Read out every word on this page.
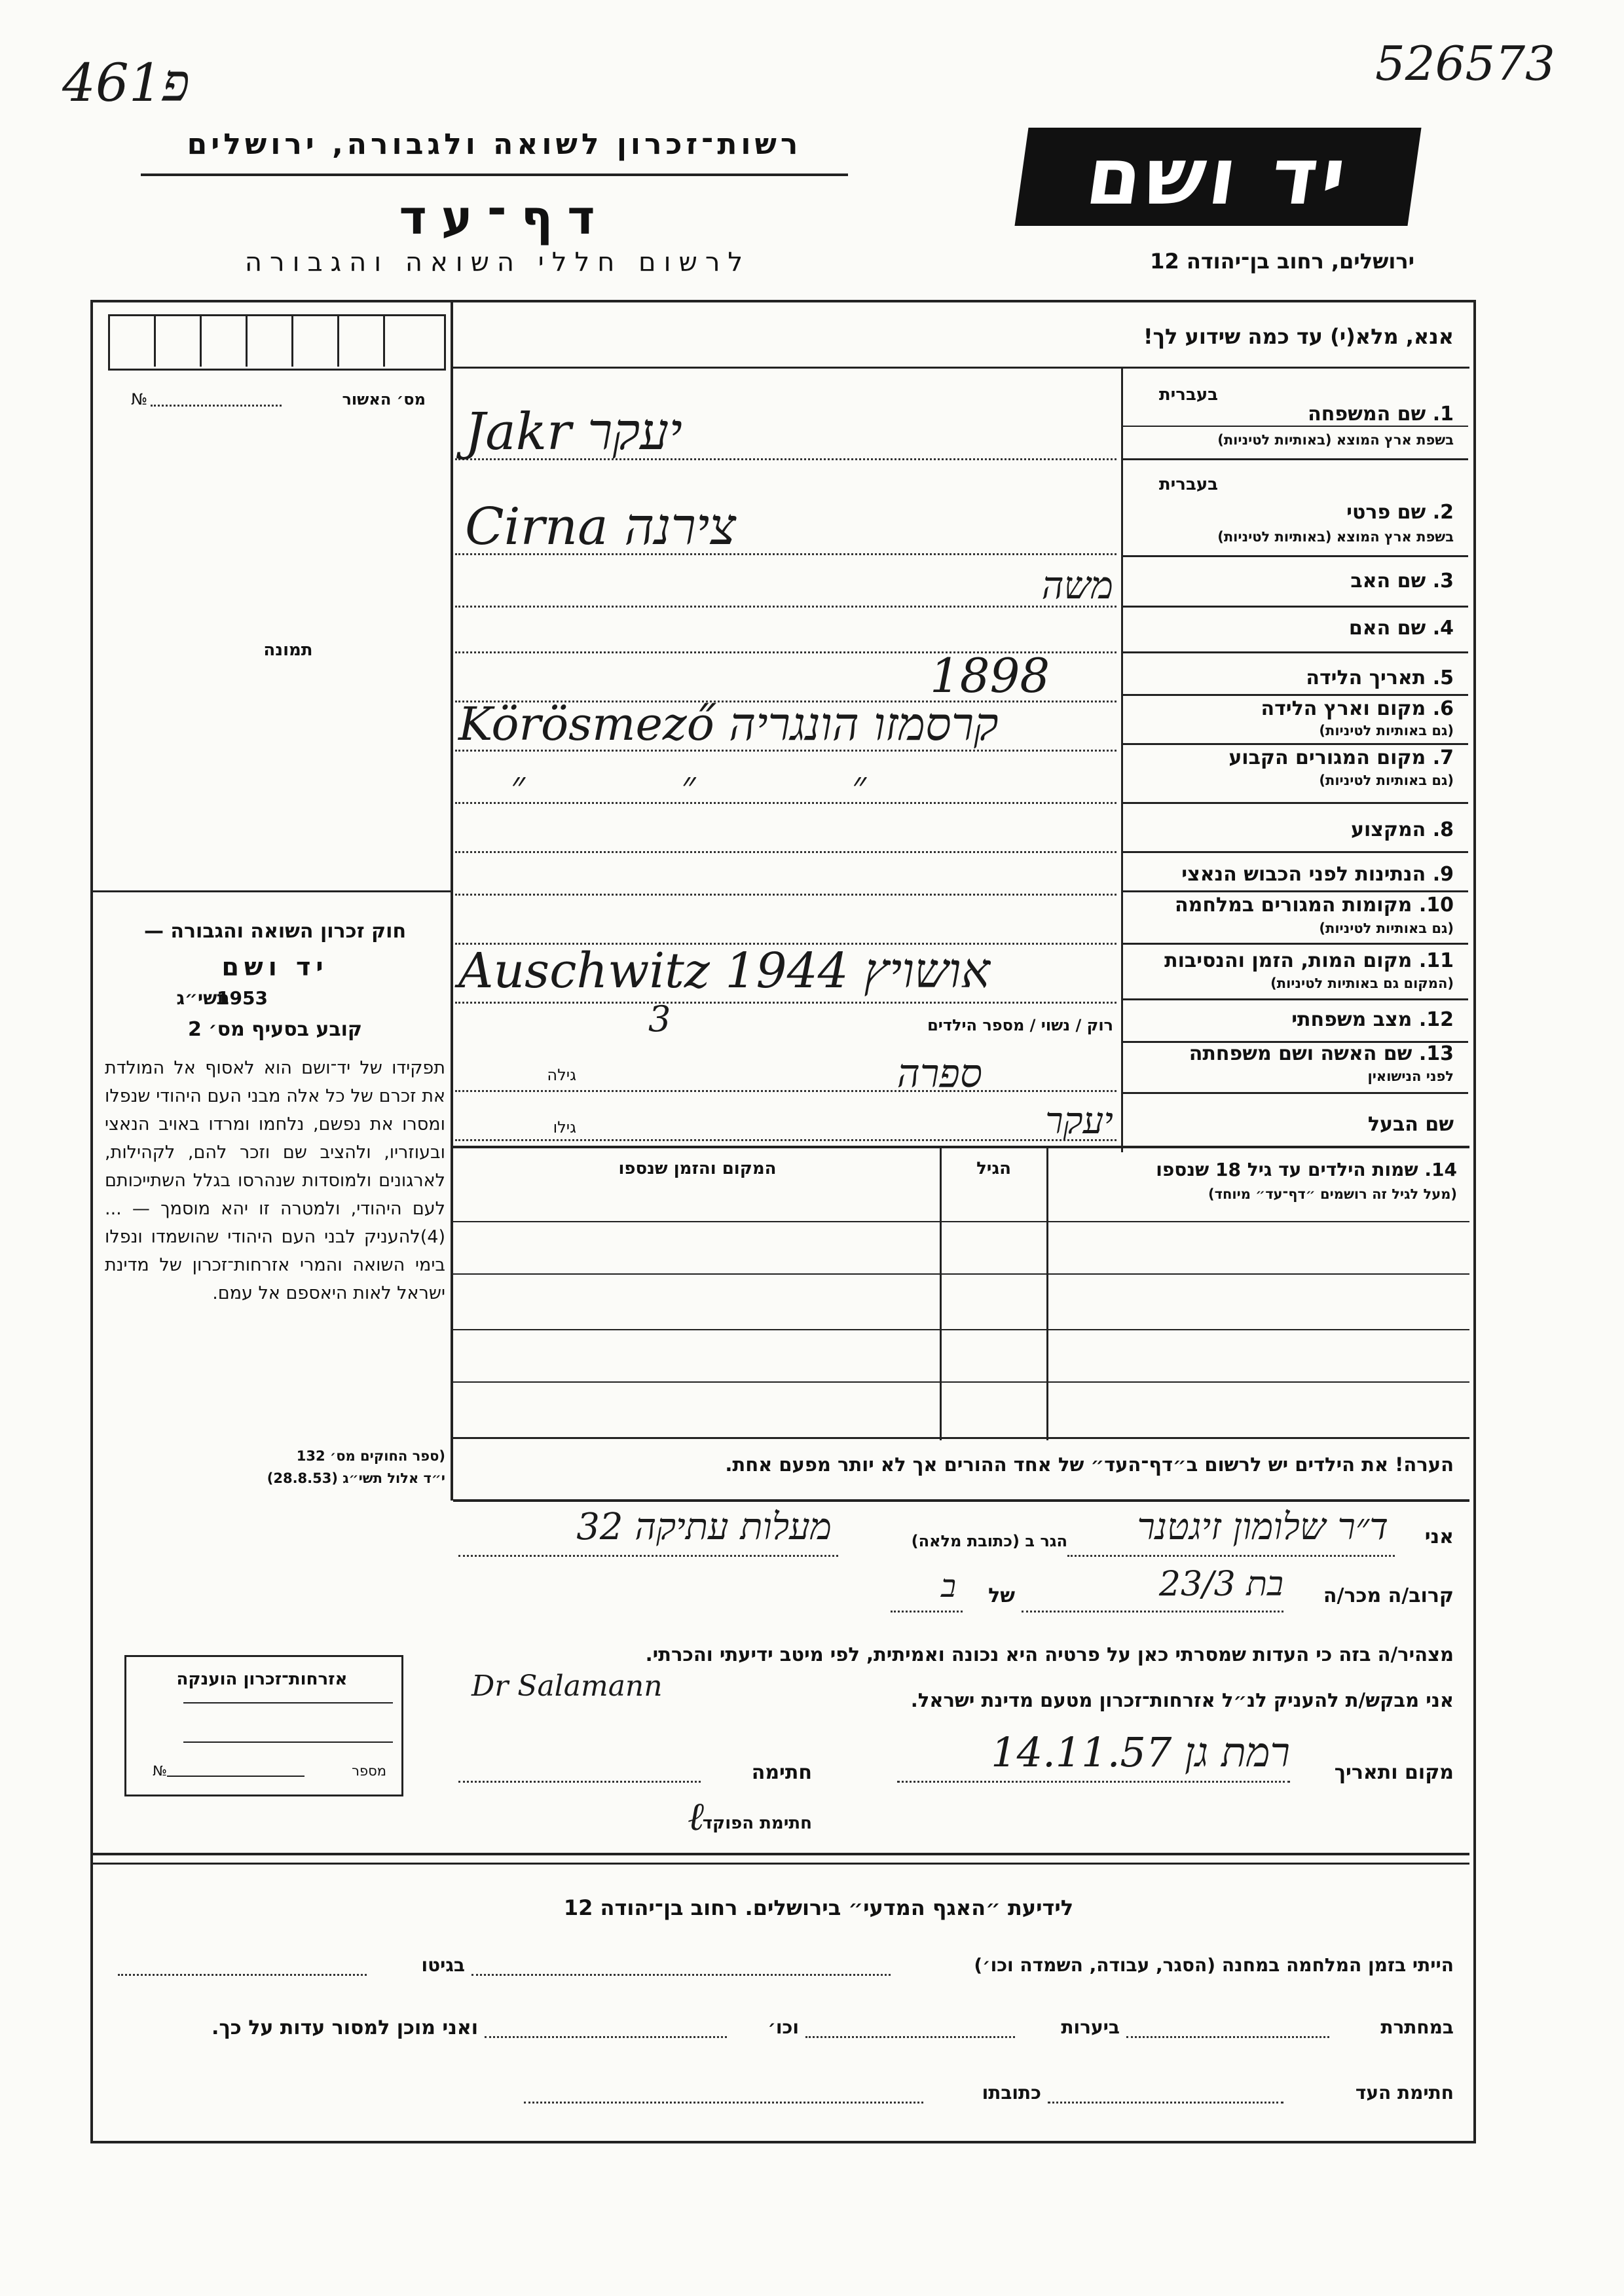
461פ	526573
רשות־זכרון לשואה ולגבורה, ירושלים
דף־עד
לרשום חללי השואה והגבורה
יד ושם
ירושלים, רחוב בן־יהודה 12
אנא, מלא(י) עד כמה שידוע לך!
מס׳ האשור
№
תמונה
חוק זכרון השואה והגבורה —
יד ושם
תשי״ג
1953
קובע בסעיף מס׳ 2
תפקידו של יד־ושם הוא לאסוף אל המולדת את זכרם של כל אלה מבני העם היהודי שנפלו ומסרו את נפשם, נלחמו ומרדו באויב הנאצי ובעוזריו, ולהציב שם וזכר להם, לקהילות, לארגונים ולמוסדות שנהרסו בגלל השתייכותם לעם היהודי, ולמטרה זו יהא מוסמך — ...(4)להעניק לבני העם היהודי שהושמדו ונפלו בימי השואה והמרי אזרחות־זכרון של מדינת ישראל לאות היאספם אל עמם.
(ספר החוקים מס׳ 132
י״ד אלול תשי״ג (28.8.53)
אזרחות־זכרון הוענקה
מספר
№
בעברית
1. שם המשפחה
בשפת ארץ המוצא (באותיות לטיניות)
Jakr יעקר
בעברית
2. שם פרטי
בשפת ארץ המוצא (באותיות לטיניות)
Cirna צירנה
3. שם האב
משה
4. שם האם
5. תאריך הלידה
1898
6. מקום וארץ הלידה
(גם באותיות לטיניות)
Körösmező קרסמזו הונגריה
7. מקום המגורים הקבוע
(גם באותיות לטיניות)
״ ״ ״
8. המקצוע
9. הנתינות לפני הכבוש הנאצי
10. מקומות המגורים במלחמה
(גם באותיות לטיניות)
11. מקום המות, הזמן והנסיבות
(המקום גם באותיות לטיניות)
Auschwitz 1944 אושויץ
12. מצב משפחתי
רוק / נשוי / מספר הילדים
3
13. שם האשה ושם משפחתה
לפני הנישואין
גילה	ספרה
שם הבעל
גילו	יעקר
14. שמות הילדים עד גיל 18 שנספו
(מעל לגיל זה רושמים ״דף־עד״ מיוחד)
הגיל
המקום והזמן שנספו
הערה! את הילדים יש לרשום ב״דף־העד״ של אחד ההורים אך לא יותר מפעם אחת.
אני
ד״ר שלומון זיגטנר
הגר ב (כתובת מלאה)
מעלות עתיקה 32
קרוב/ה מכר/ה
בת 23/3
של
ב
מצהיר/ה בזה כי העדות שמסרתי כאן על פרטיה היא נכונה ואמיתית, לפי מיטב ידיעתי והכרתי.
Dr Salamann	אני מבקש/ת להעניק לנ״ל אזרחות־זכרון מטעם מדינת ישראל.
מקום ותאריך
רמת גן 14.11.57
חתימה
חתימת הפוקד
ℓ
לידיעת ״האגף המדעי״ בירושלים. רחוב בן־יהודה 12
הייתי בזמן המלחמה במחנה (הסגר, עבודה, השמדה וכו׳)
בגיטו
במחתרת
ביערות
וכו׳
ואני מוכן למסור עדות על כך.
חתימת העד
כתובתו
